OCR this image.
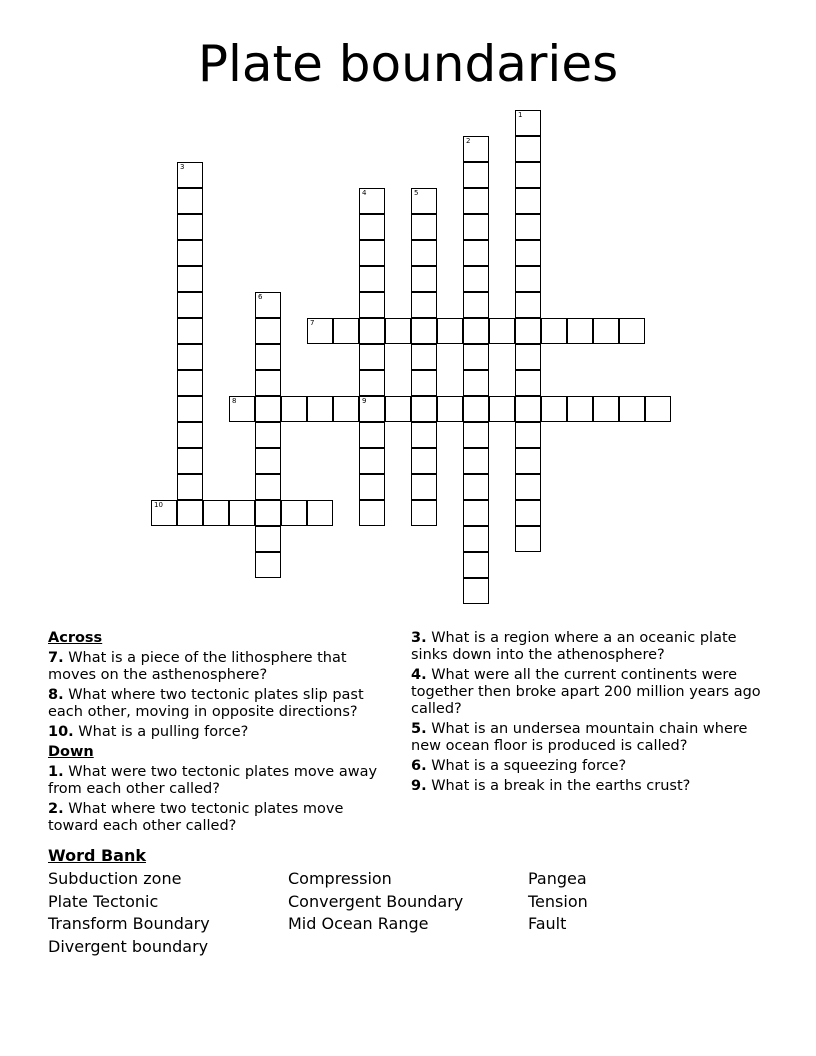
Plate boundaries
1
2
3
4
9
5
6
7
8
10
Across
7. What is a piece of the lithosphere that moves on the asthenosphere?
8. What where two tectonic plates slip past each other, moving in opposite directions?
10. What is a pulling force?
Down
1. What were two tectonic plates move away from each other called?
2. What where two tectonic plates move toward each other called?
3. What is a region where a an oceanic plate sinks down into the athenosphere?
4. What were all the current continents were together then broke apart 200 million years ago called?
5. What is an undersea mountain chain where new ocean floor is produced is called?
6. What is a squeezing force?
9. What is a break in the earths crust?
Word Bank
Subduction zone
Plate Tectonic
Transform Boundary
Divergent boundary
Compression
Convergent Boundary
Mid Ocean Range
Pangea
Tension
Fault
